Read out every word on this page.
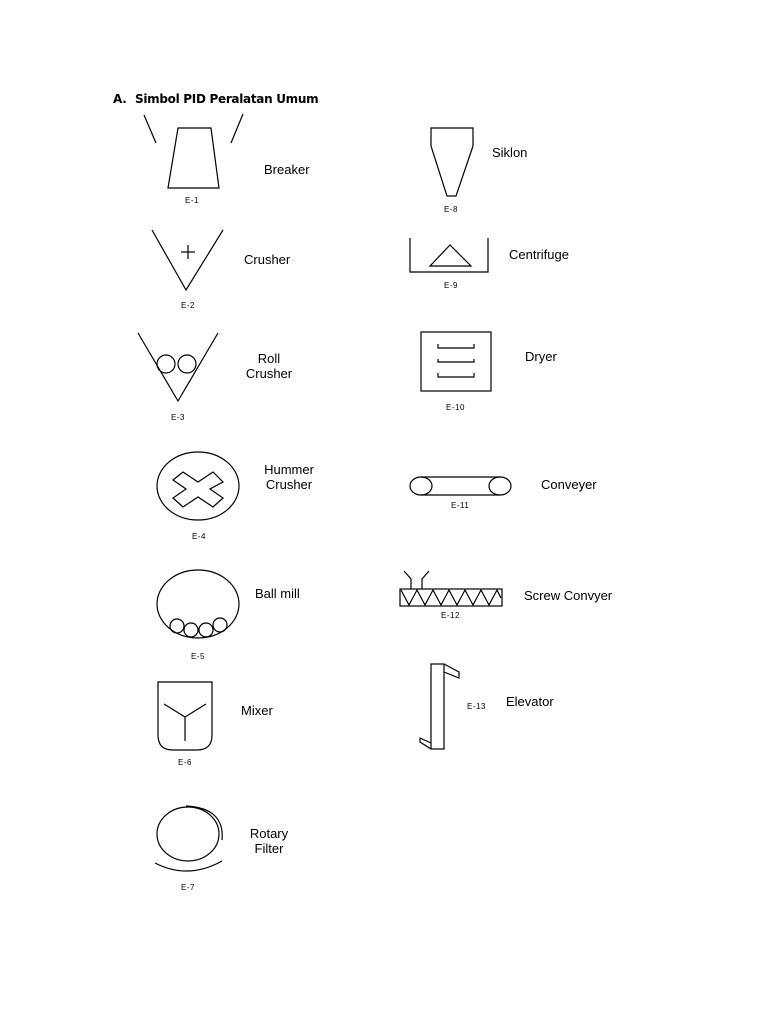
A. Simbol PID Peralatan Umum
Breaker
E-1
Crusher
E-2
Roll
Crusher
E-3
Hummer
Crusher
E-4
Ball mill
E-5
Mixer
E-6
Rotary
Filter
E-7
Siklon
E-8
Centrifuge
E-9
Dryer
E-10
Conveyer
E-11
Screw Convyer
E-12
Elevator
E-13
